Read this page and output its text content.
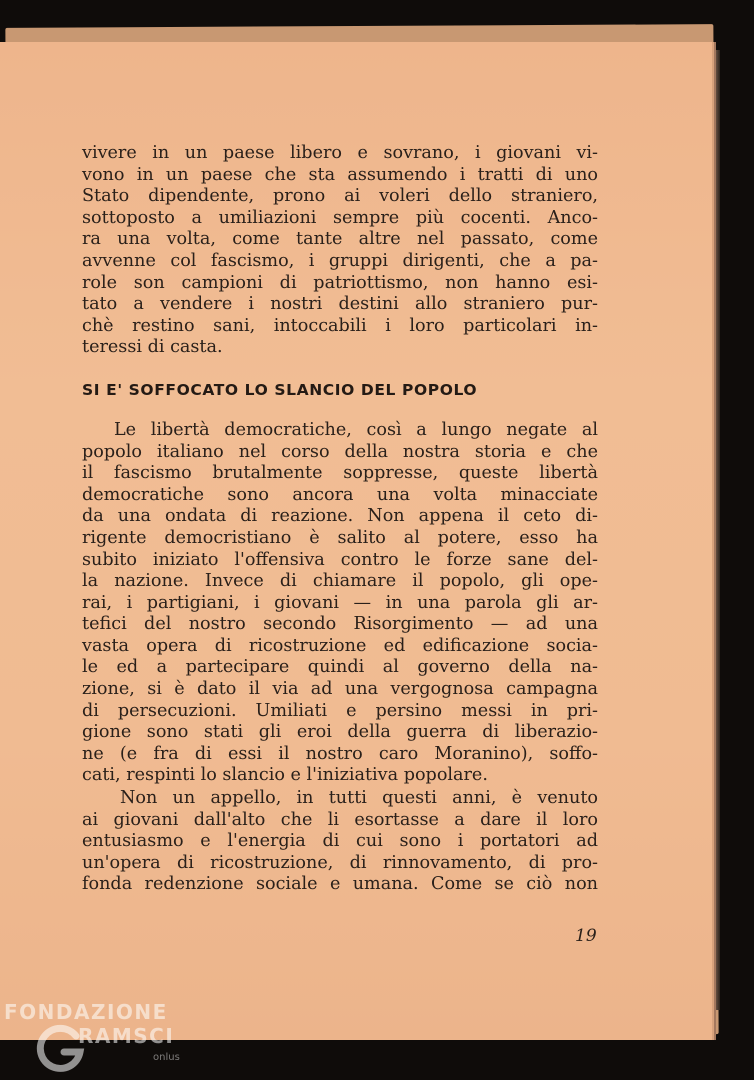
vivere in un paese libero e sovrano, i giovani vi-
vono in un paese che sta assumendo i tratti di uno
Stato dipendente, prono ai voleri dello straniero,
sottoposto a umiliazioni sempre più cocenti. Anco-
ra una volta, come tante altre nel passato, come
avvenne col fascismo, i gruppi dirigenti, che a pa-
role son campioni di patriottismo, non hanno esi-
tato a vendere i nostri destini allo straniero pur-
chè restino sani, intoccabili i loro particolari in-
teressi di casta.

SI E' SOFFOCATO LO SLANCIO DEL POPOLO

Le libertà democratiche, così a lungo negate al
popolo italiano nel corso della nostra storia e che
il fascismo brutalmente soppresse, queste libertà
democratiche sono ancora una volta minacciate
da una ondata di reazione. Non appena il ceto di-
rigente democristiano è salito al potere, esso ha
subito iniziato l'offensiva contro le forze sane del-
la nazione. Invece di chiamare il popolo, gli ope-
rai, i partigiani, i giovani — in una parola gli ar-
tefici del nostro secondo Risorgimento — ad una
vasta opera di ricostruzione ed edificazione socia-
le ed a partecipare quindi al governo della na-
zione, si è dato il via ad una vergognosa campagna
di persecuzioni. Umiliati e persino messi in pri-
gione sono stati gli eroi della guerra di liberazio-
ne (e fra di essi il nostro caro Moranino), soffo-
cati, respinti lo slancio e l'iniziativa popolare.

Non un appello, in tutti questi anni, è venuto
ai giovani dall'alto che li esortasse a dare il loro
entusiasmo e l'energia di cui sono i portatori ad
un'opera di ricostruzione, di rinnovamento, di pro-
fonda redenzione sociale e umana. Come se ciò non

19
FONDAZIONE
RAMSCI
onlus
